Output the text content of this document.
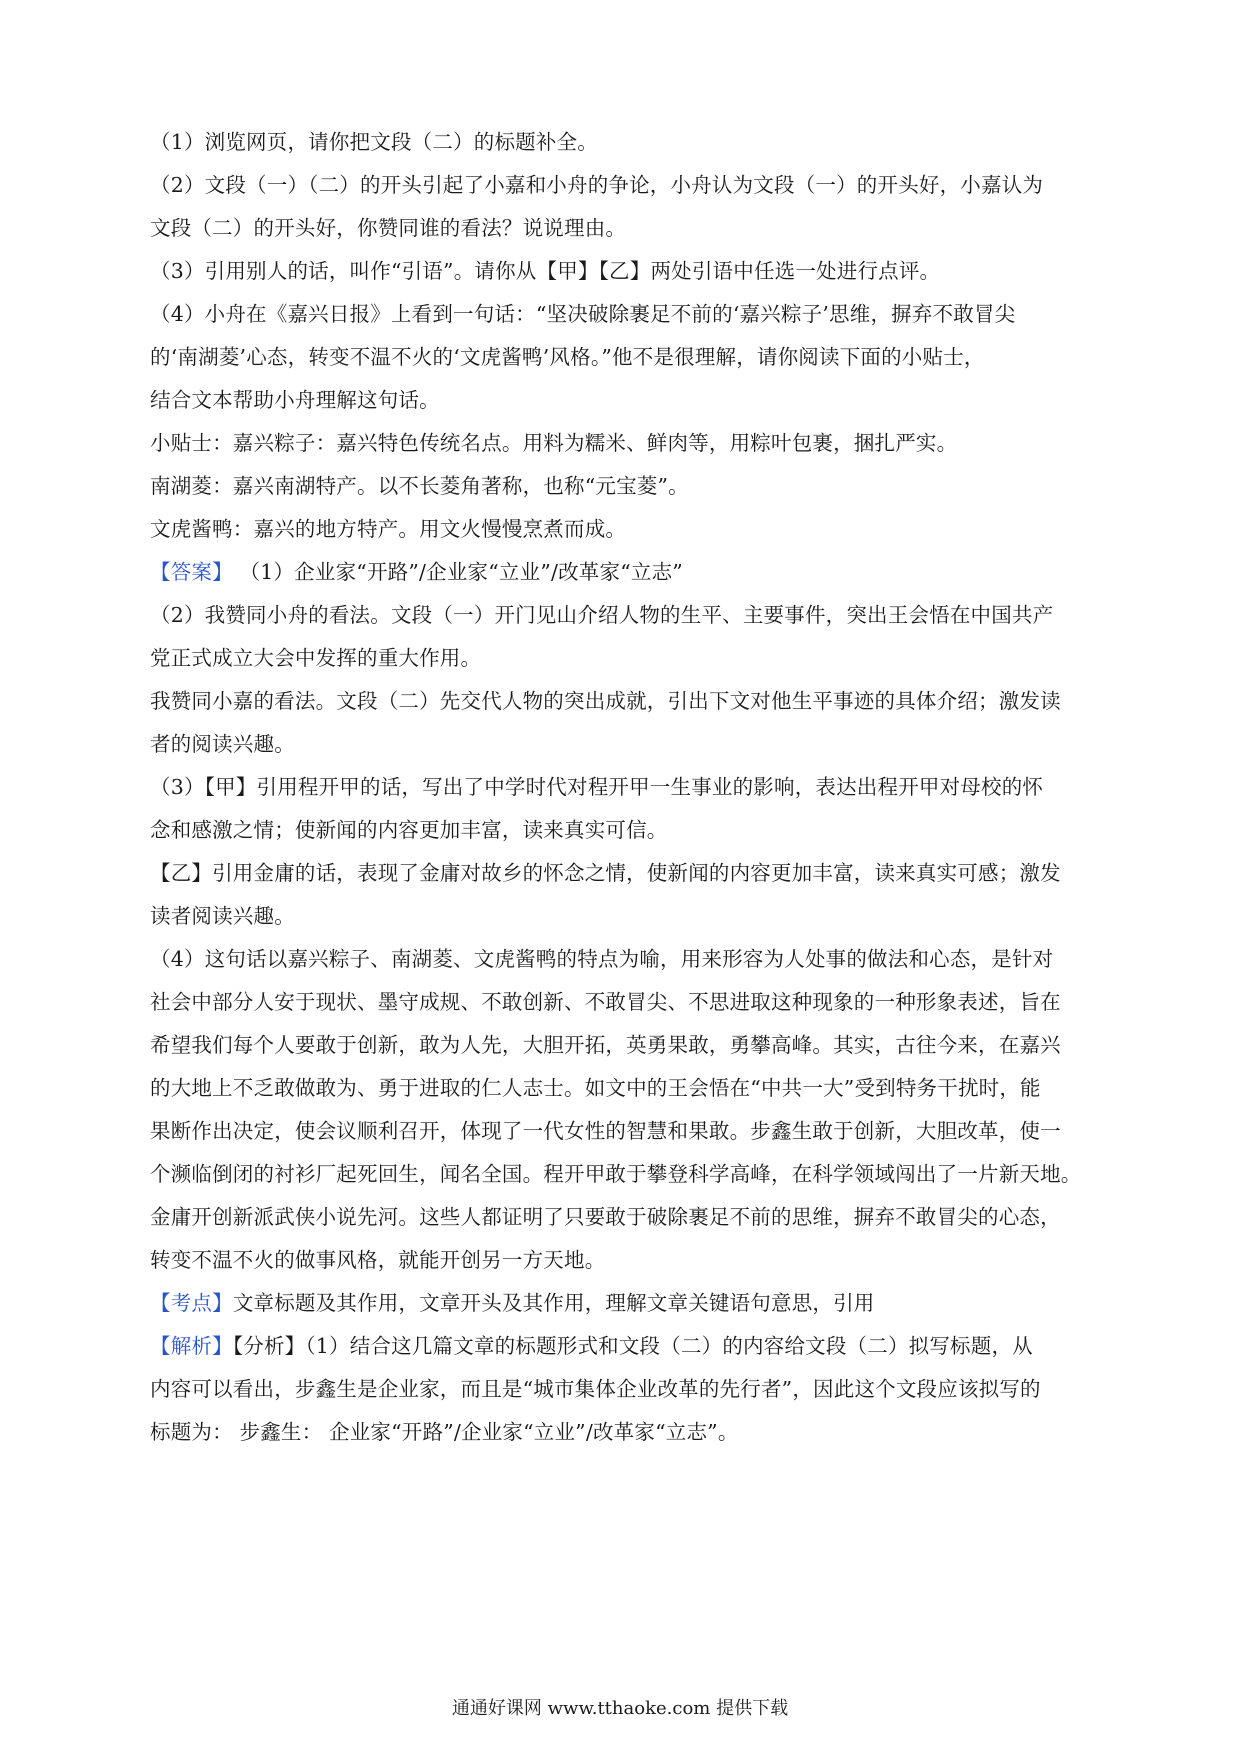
（1）浏览网页，请你把文段（二）的标题补全。
（2）文段（一）（二）的开头引起了小嘉和小舟的争论，小舟认为文段（一）的开头好，小嘉认为
文段（二）的开头好，你赞同谁的看法？说说理由。
（3）引用别人的话，叫作“引语”。请你从【甲】【乙】两处引语中任选一处进行点评。
（4）小舟在《嘉兴日报》上看到一句话：“坚决破除裹足不前的‘嘉兴粽子’思维，摒弃不敢冒尖
的‘南湖菱’心态，转变不温不火的‘文虎酱鸭’风格。”他不是很理解，请你阅读下面的小贴士，
结合文本帮助小舟理解这句话。
小贴士：嘉兴粽子：嘉兴特色传统名点。用料为糯米、鲜肉等，用粽叶包裹，捆扎严实。
南湖菱：嘉兴南湖特产。以不长菱角著称，也称“元宝菱”。
文虎酱鸭：嘉兴的地方特产。用文火慢慢烹煮而成。
【答案】 （1）企业家“开路”/企业家“立业”/改革家“立志”
（2）我赞同小舟的看法。文段（一）开门见山介绍人物的生平、主要事件，突出王会悟在中国共产
党正式成立大会中发挥的重大作用。
我赞同小嘉的看法。文段（二）先交代人物的突出成就，引出下文对他生平事迹的具体介绍；激发读
者的阅读兴趣。
（3）【甲】引用程开甲的话，写出了中学时代对程开甲一生事业的影响，表达出程开甲对母校的怀
念和感激之情；使新闻的内容更加丰富，读来真实可信。
【乙】引用金庸的话，表现了金庸对故乡的怀念之情，使新闻的内容更加丰富，读来真实可感；激发
读者阅读兴趣。
（4）这句话以嘉兴粽子、南湖菱、文虎酱鸭的特点为喻，用来形容为人处事的做法和心态，是针对
社会中部分人安于现状、墨守成规、不敢创新、不敢冒尖、不思进取这种现象的一种形象表述，旨在
希望我们每个人要敢于创新，敢为人先，大胆开拓，英勇果敢，勇攀高峰。其实，古往今来，在嘉兴
的大地上不乏敢做敢为、勇于进取的仁人志士。如文中的王会悟在“中共一大”受到特务干扰时，能
果断作出决定，使会议顺利召开，体现了一代女性的智慧和果敢。步鑫生敢于创新，大胆改革，使一
个濒临倒闭的衬衫厂起死回生，闻名全国。程开甲敢于攀登科学高峰，在科学领域闯出了一片新天地。
金庸开创新派武侠小说先河。这些人都证明了只要敢于破除裹足不前的思维，摒弃不敢冒尖的心态，
转变不温不火的做事风格，就能开创另一方天地。
【考点】文章标题及其作用，文章开头及其作用，理解文章关键语句意思，引用
【解析】【分析】（1）结合这几篇文章的标题形式和文段（二）的内容给文段（二）拟写标题，从
内容可以看出，步鑫生是企业家，而且是“城市集体企业改革的先行者”，因此这个文段应该拟写的
标题为： 步鑫生： 企业家“开路”/企业家“立业”/改革家“立志”。
通通好课网 www.tthaoke.com 提供下载
